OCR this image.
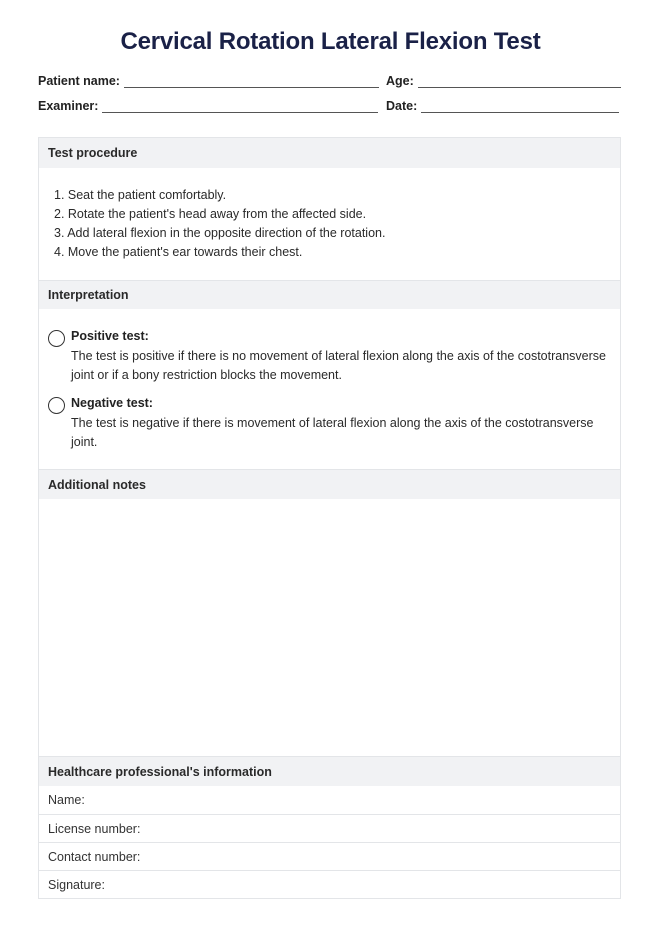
Cervical Rotation Lateral Flexion Test
Patient name:	Age:
Examiner:	Date:
Test procedure
1. Seat the patient comfortably.
2. Rotate the patient's head away from the affected side.
3. Add lateral flexion in the opposite direction of the rotation.
4. Move the patient's ear towards their chest.
Interpretation
Positive test:
The test is positive if there is no movement of lateral flexion along the axis of the costotransverse joint or if a bony restriction blocks the movement.
Negative test:
The test is negative if there is movement of lateral flexion along the axis of the costotransverse joint.
Additional notes
Healthcare professional's information
Name:
License number:
Contact number:
Signature:
